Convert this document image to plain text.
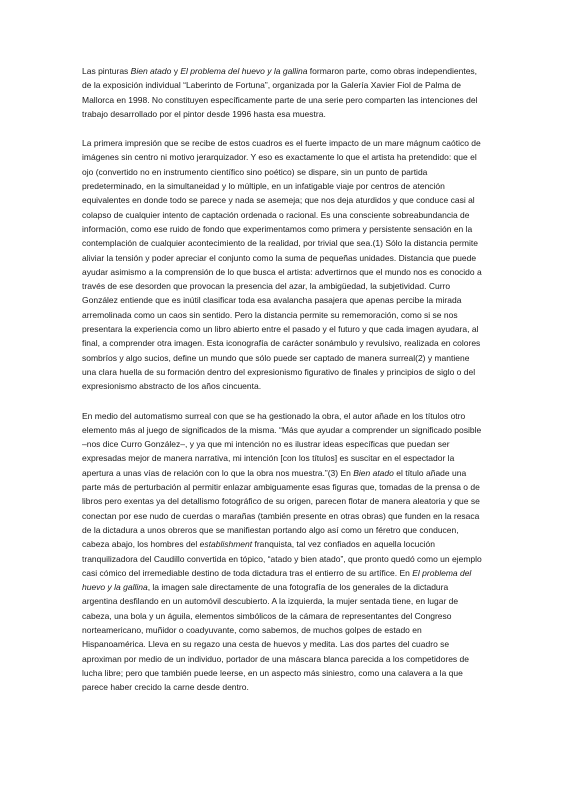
Las pinturas Bien atado y El problema del huevo y la gallina formaron parte, como obras independientes, de la exposición individual “Laberinto de Fortuna”, organizada por la Galería Xavier Fiol de Palma de Mallorca en 1998. No constituyen específicamente parte de una serie pero comparten las intenciones del trabajo desarrollado por el pintor desde 1996 hasta esa muestra.

La primera impresión que se recibe de estos cuadros es el fuerte impacto de un mare mágnum caótico de imágenes sin centro ni motivo jerarquizador. Y eso es exactamente lo que el artista ha pretendido: que el ojo (convertido no en instrumento científico sino poético) se dispare, sin un punto de partida predeterminado, en la simultaneidad y lo múltiple, en un infatigable viaje por centros de atención equivalentes en donde todo se parece y nada se asemeja; que nos deja aturdidos y que conduce casi al colapso de cualquier intento de captación ordenada o racional. Es una consciente sobreabundancia de información, como ese ruido de fondo que experimentamos como primera y persistente sensación en la contemplación de cualquier acontecimiento de la realidad, por trivial que sea.(1) Sólo la distancia permite aliviar la tensión y poder apreciar el conjunto como la suma de pequeñas unidades. Distancia que puede ayudar asimismo a la comprensión de lo que busca el artista: advertirnos que el mundo nos es conocido a través de ese desorden que provocan la presencia del azar, la ambigüedad, la subjetividad. Curro González entiende que es inútil clasificar toda esa avalancha pasajera que apenas percibe la mirada arremolinada como un caos sin sentido. Pero la distancia permite su rememoración, como si se nos presentara la experiencia como un libro abierto entre el pasado y el futuro y que cada imagen ayudara, al final, a comprender otra imagen. Esta iconografía de carácter sonámbulo y revulsivo, realizada en colores sombríos y algo sucios, define un mundo que sólo puede ser captado de manera surreal(2) y mantiene una clara huella de su formación dentro del expresionismo figurativo de finales y principios de siglo o del expresionismo abstracto de los años cincuenta.

En medio del automatismo surreal con que se ha gestionado la obra, el autor añade en los títulos otro elemento más al juego de significados de la misma. “Más que ayudar a comprender un significado posible –nos dice Curro González–, y ya que mi intención no es ilustrar ideas específicas que puedan ser expresadas mejor de manera narrativa, mi intención [con los títulos] es suscitar en el espectador la apertura a unas vías de relación con lo que la obra nos muestra.”(3) En Bien atado el título añade una parte más de perturbación al permitir enlazar ambiguamente esas figuras que, tomadas de la prensa o de libros pero exentas ya del detallismo fotográfico de su origen, parecen flotar de manera aleatoria y que se conectan por ese nudo de cuerdas o marañas (también presente en otras obras) que funden en la resaca de la dictadura a unos obreros que se manifiestan portando algo así como un féretro que conducen, cabeza abajo, los hombres del establishment franquista, tal vez confiados en aquella locución tranquilizadora del Caudillo convertida en tópico, “atado y bien atado”, que pronto quedó como un ejemplo casi cómico del irremediable destino de toda dictadura tras el entierro de su artífice. En El problema del huevo y la gallina, la imagen sale directamente de una fotografía de los generales de la dictadura argentina desfilando en un automóvil descubierto. A la izquierda, la mujer sentada tiene, en lugar de cabeza, una bola y un águila, elementos simbólicos de la cámara de representantes del Congreso norteamericano, muñidor o coadyuvante, como sabemos, de muchos golpes de estado en Hispanoamérica. Lleva en su regazo una cesta de huevos y medita. Las dos partes del cuadro se aproximan por medio de un individuo, portador de una máscara blanca parecida a los competidores de lucha libre; pero que también puede leerse, en un aspecto más siniestro, como una calavera a la que parece haber crecido la carne desde dentro.
